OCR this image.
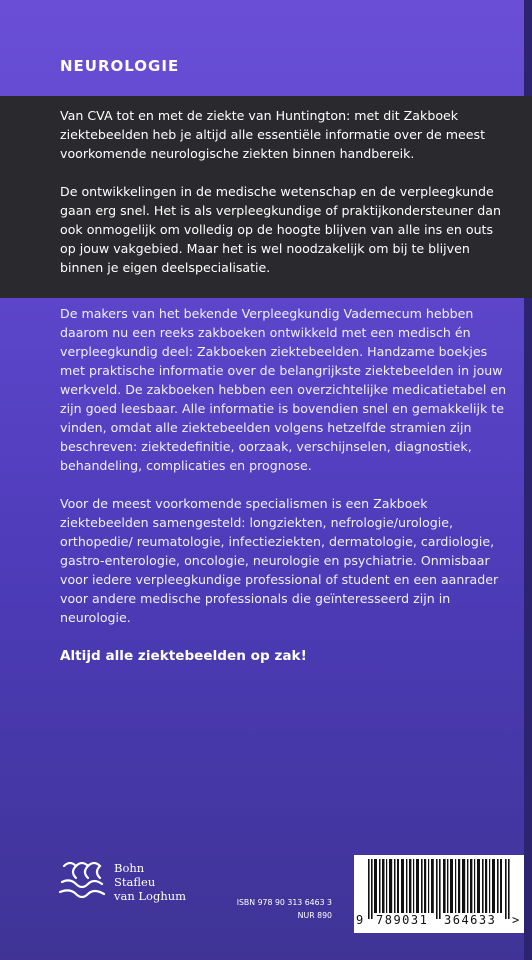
NEUROLOGIE

Van CVA tot en met de ziekte van Huntington: met dit Zakboek ziektebeelden heb je altijd alle essentiële informatie over de meest voorkomende neurologische ziekten binnen handbereik.

De ontwikkelingen in de medische wetenschap en de verpleegkunde gaan erg snel. Het is als verpleegkundige of praktijkondersteuner dan ook onmogelijk om volledig op de hoogte blijven van alle ins en outs op jouw vakgebied. Maar het is wel noodzakelijk om bij te blijven binnen je eigen deelspecialisatie.

De makers van het bekende Verpleegkundig Vademecum hebben daarom nu een reeks zakboeken ontwikkeld met een medisch én verpleegkundig deel: Zakboeken ziektebeelden. Handzame boekjes met praktische informatie over de belangrijkste ziektebeelden in jouw werkveld. De zakboeken hebben een overzichtelijke medicatietabel en zijn goed leesbaar. Alle informatie is bovendien snel en gemakkelijk te vinden, omdat alle ziektebeelden volgens hetzelfde stramien zijn beschreven: ziektedefinitie, oorzaak, verschijnselen, diagnostiek, behandeling, complicaties en prognose.

Voor de meest voorkomende specialismen is een Zakboek ziektebeelden samengesteld: longziekten, nefrologie/urologie, orthopedie/ reumatologie, infectieziekten, dermatologie, cardiologie, gastro-enterologie, oncologie, neurologie en psychiatrie. Onmisbaar voor iedere verpleegkundige professional of student en een aanrader voor andere medische professionals die geïnteresseerd zijn in neurologie.

Altijd alle ziektebeelden op zak!
Bohn
Stafleu
van Loghum	ISBN 978 90 313 6463 3
NUR 890 9 789031 364633 >
